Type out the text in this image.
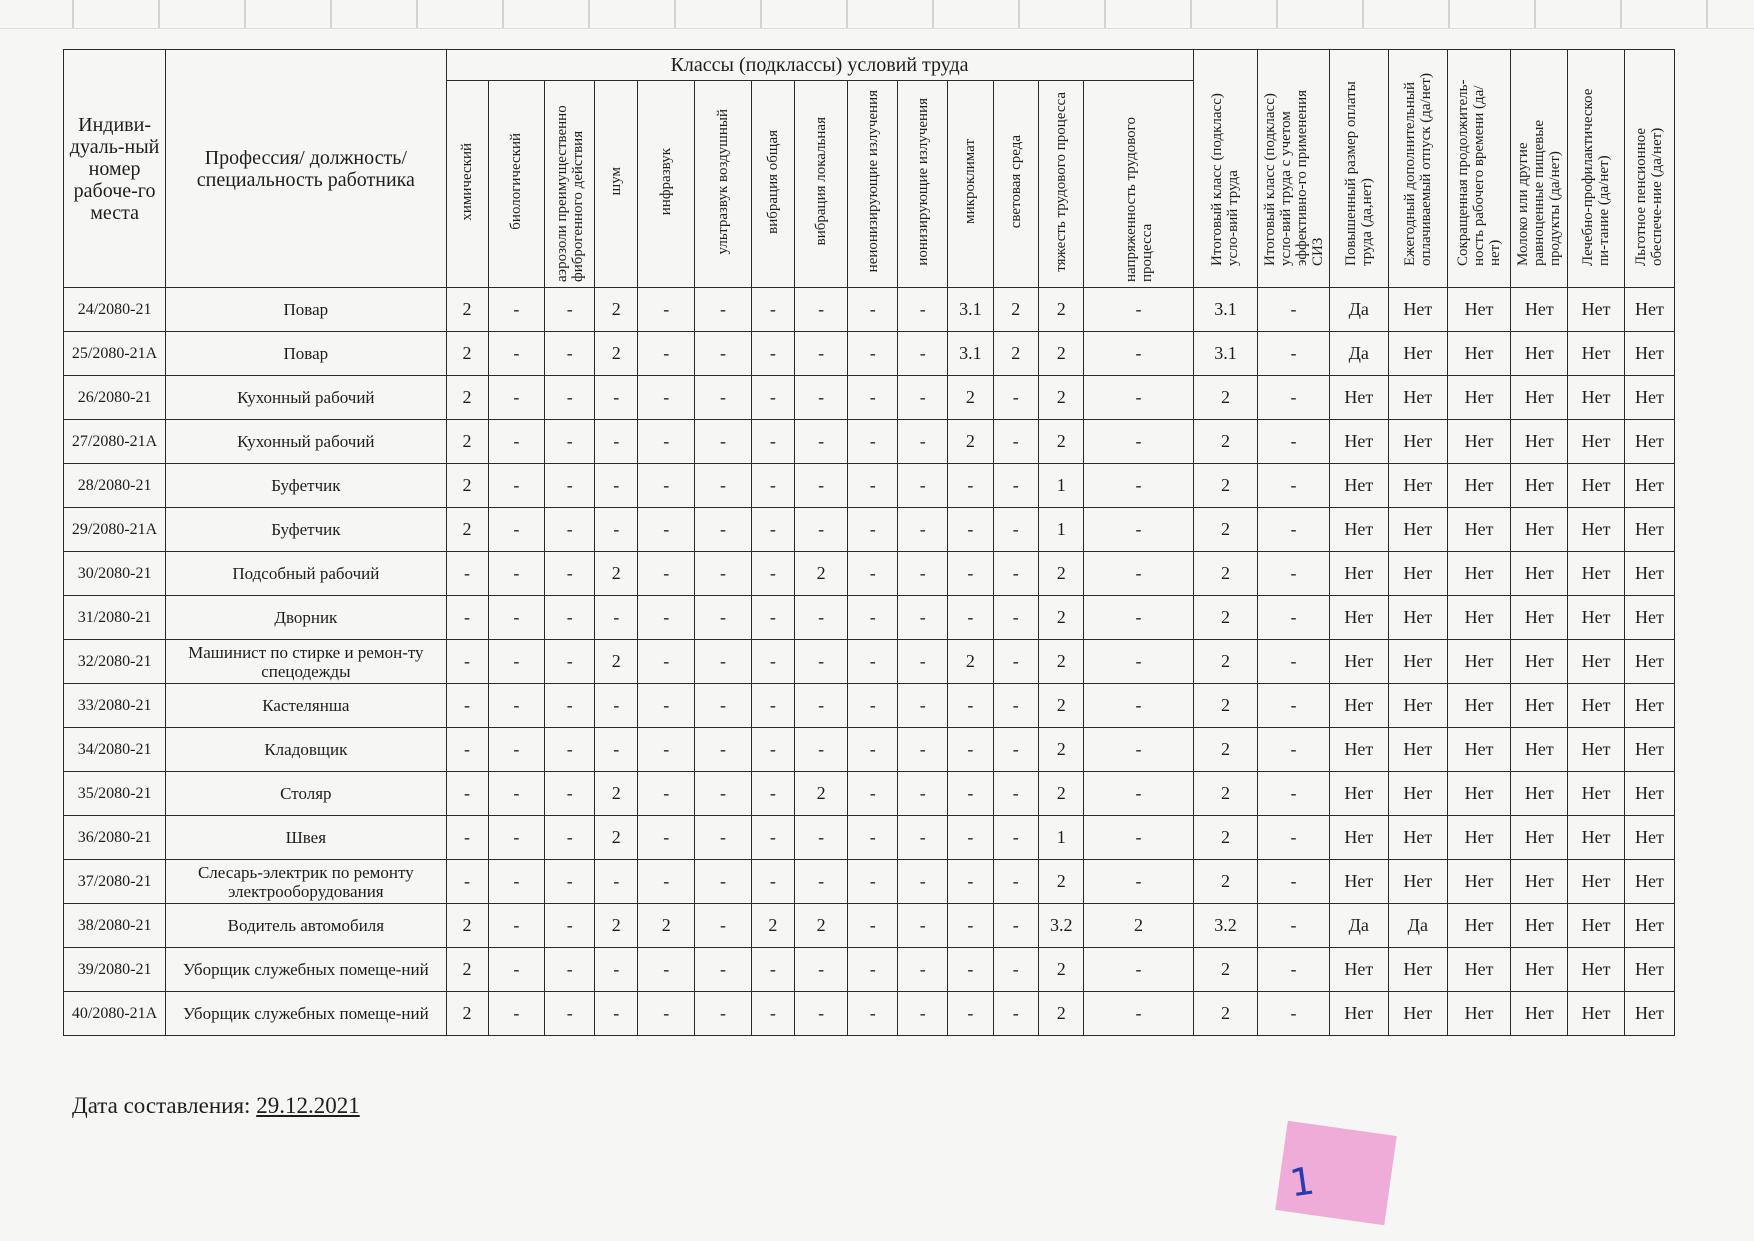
Индиви-дуаль-ный номер рабоче-го места	Профессия/ должность/ специальность работника	Классы (подклассы) условий труда														Итоговый класс (подкласс) усло-вий труда	Итоговый класс (подкласс) усло-вий труда с учетом эффективно-го применения СИЗ	Повышенный размер оплаты труда (да,нет)	Ежегодный дополнительный оплачиваемый отпуск (да/нет)	Сокращенная продолжитель-ность рабочего времени (да/нет)	Молоко или другие равноценные пищевые продукты (да/нет)	Лечебно-профилактическое пи-тание (да/нет)	Льготное пенсионное обеспече-ние (да/нет)
		химический	биологический	аэрозоли преимущественно фиброгенного действия	шум	инфразвук	ультразвук воздушный	вибрация общая	вибрация локальная	неионизирующие излучения	ионизирующие излучения	микроклимат	световая среда	тяжесть трудового процесса	напряженность трудового процесса								
24/2080-21	Повар	2	-	-	2	-	-	-	-	-	-	3.1	2	2	-	3.1	-	Да	Нет	Нет	Нет	Нет	Нет
25/2080-21А	Повар	2	-	-	2	-	-	-	-	-	-	3.1	2	2	-	3.1	-	Да	Нет	Нет	Нет	Нет	Нет
26/2080-21	Кухонный рабочий	2	-	-	-	-	-	-	-	-	-	2	-	2	-	2	-	Нет	Нет	Нет	Нет	Нет	Нет
27/2080-21А	Кухонный рабочий	2	-	-	-	-	-	-	-	-	-	2	-	2	-	2	-	Нет	Нет	Нет	Нет	Нет	Нет
28/2080-21	Буфетчик	2	-	-	-	-	-	-	-	-	-	-	-	1	-	2	-	Нет	Нет	Нет	Нет	Нет	Нет
29/2080-21А	Буфетчик	2	-	-	-	-	-	-	-	-	-	-	-	1	-	2	-	Нет	Нет	Нет	Нет	Нет	Нет
30/2080-21	Подсобный рабочий	-	-	-	2	-	-	-	2	-	-	-	-	2	-	2	-	Нет	Нет	Нет	Нет	Нет	Нет
31/2080-21	Дворник	-	-	-	-	-	-	-	-	-	-	-	-	2	-	2	-	Нет	Нет	Нет	Нет	Нет	Нет
32/2080-21	Машинист по стирке и ремон-ту спецодежды	-	-	-	2	-	-	-	-	-	-	2	-	2	-	2	-	Нет	Нет	Нет	Нет	Нет	Нет
33/2080-21	Кастелянша	-	-	-	-	-	-	-	-	-	-	-	-	2	-	2	-	Нет	Нет	Нет	Нет	Нет	Нет
34/2080-21	Кладовщик	-	-	-	-	-	-	-	-	-	-	-	-	2	-	2	-	Нет	Нет	Нет	Нет	Нет	Нет
35/2080-21	Столяр	-	-	-	2	-	-	-	2	-	-	-	-	2	-	2	-	Нет	Нет	Нет	Нет	Нет	Нет
36/2080-21	Швея	-	-	-	2	-	-	-	-	-	-	-	-	1	-	2	-	Нет	Нет	Нет	Нет	Нет	Нет
37/2080-21	Слесарь-электрик по ремонту электрооборудования	-	-	-	-	-	-	-	-	-	-	-	-	2	-	2	-	Нет	Нет	Нет	Нет	Нет	Нет
38/2080-21	Водитель автомобиля	2	-	-	2	2	-	2	2	-	-	-	-	3.2	2	3.2	-	Да	Да	Нет	Нет	Нет	Нет
39/2080-21	Уборщик служебных помеще-ний	2	-	-	-	-	-	-	-	-	-	-	-	2	-	2	-	Нет	Нет	Нет	Нет	Нет	Нет
40/2080-21А	Уборщик служебных помеще-ний	2	-	-	-	-	-	-	-	-	-	-	-	2	-	2	-	Нет	Нет	Нет	Нет	Нет	Нет
Дата составления: 29.12.2021
1
